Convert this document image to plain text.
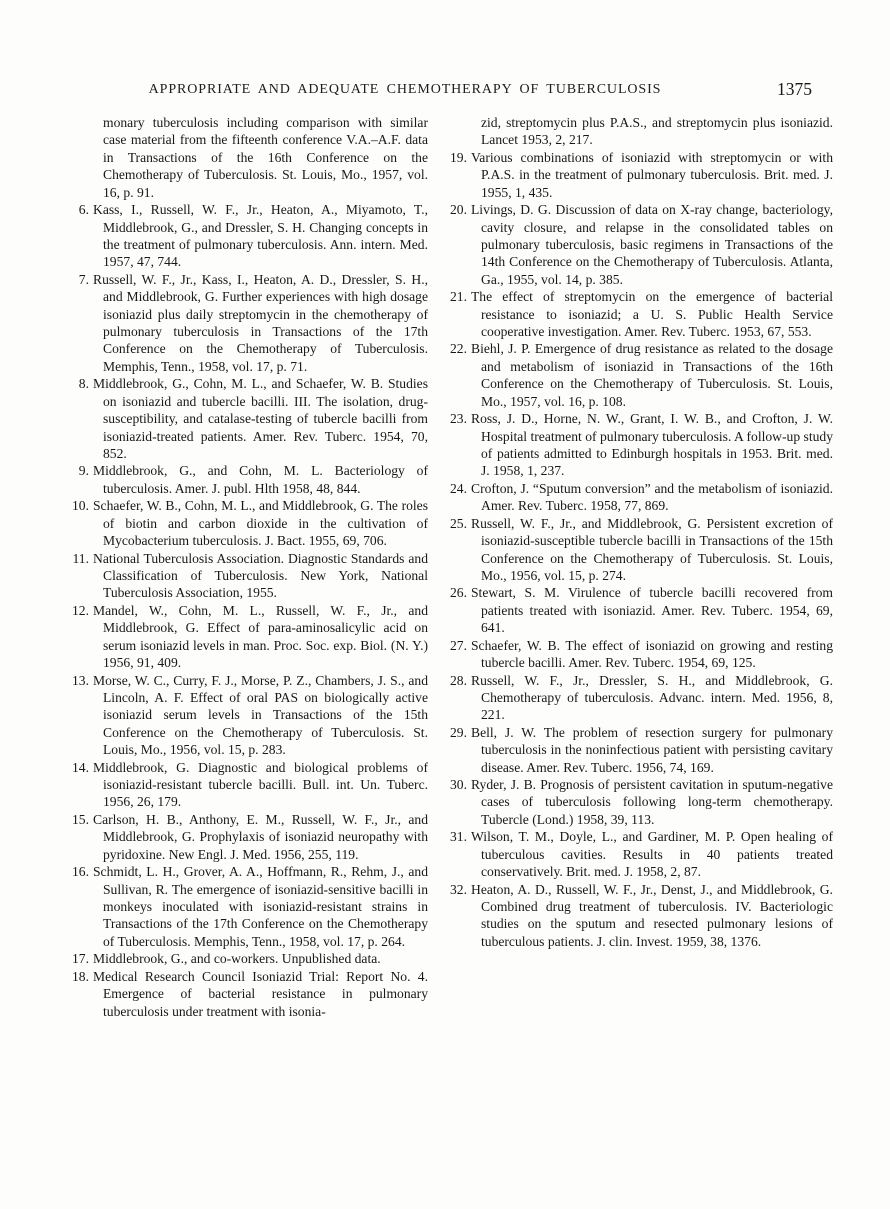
APPROPRIATE AND ADEQUATE CHEMOTHERAPY OF TUBERCULOSIS	1375
monary tuberculosis including comparison with similar case material from the fifteenth conference V.A.–A.F. data in Transactions of the 16th Conference on the Chemotherapy of Tuberculosis. St. Louis, Mo., 1957, vol. 16, p. 91.
6. Kass, I., Russell, W. F., Jr., Heaton, A., Miyamoto, T., Middlebrook, G., and Dressler, S. H. Changing concepts in the treatment of pulmonary tuberculosis. Ann. intern. Med. 1957, 47, 744.
7. Russell, W. F., Jr., Kass, I., Heaton, A. D., Dressler, S. H., and Middlebrook, G. Further experiences with high dosage isoniazid plus daily streptomycin in the chemotherapy of pulmonary tuberculosis in Transactions of the 17th Conference on the Chemotherapy of Tuberculosis. Memphis, Tenn., 1958, vol. 17, p. 71.
8. Middlebrook, G., Cohn, M. L., and Schaefer, W. B. Studies on isoniazid and tubercle bacilli. III. The isolation, drug-susceptibility, and catalase-testing of tubercle bacilli from isoniazid-treated patients. Amer. Rev. Tuberc. 1954, 70, 852.
9. Middlebrook, G., and Cohn, M. L. Bacteriology of tuberculosis. Amer. J. publ. Hlth 1958, 48, 844.
10. Schaefer, W. B., Cohn, M. L., and Middlebrook, G. The roles of biotin and carbon dioxide in the cultivation of Mycobacterium tuberculosis. J. Bact. 1955, 69, 706.
11. National Tuberculosis Association. Diagnostic Standards and Classification of Tuberculosis. New York, National Tuberculosis Association, 1955.
12. Mandel, W., Cohn, M. L., Russell, W. F., Jr., and Middlebrook, G. Effect of para-aminosalicylic acid on serum isoniazid levels in man. Proc. Soc. exp. Biol. (N. Y.) 1956, 91, 409.
13. Morse, W. C., Curry, F. J., Morse, P. Z., Chambers, J. S., and Lincoln, A. F. Effect of oral PAS on biologically active isoniazid serum levels in Transactions of the 15th Conference on the Chemotherapy of Tuberculosis. St. Louis, Mo., 1956, vol. 15, p. 283.
14. Middlebrook, G. Diagnostic and biological problems of isoniazid-resistant tubercle bacilli. Bull. int. Un. Tuberc. 1956, 26, 179.
15. Carlson, H. B., Anthony, E. M., Russell, W. F., Jr., and Middlebrook, G. Prophylaxis of isoniazid neuropathy with pyridoxine. New Engl. J. Med. 1956, 255, 119.
16. Schmidt, L. H., Grover, A. A., Hoffmann, R., Rehm, J., and Sullivan, R. The emergence of isoniazid-sensitive bacilli in monkeys inoculated with isoniazid-resistant strains in Transactions of the 17th Conference on the Chemotherapy of Tuberculosis. Memphis, Tenn., 1958, vol. 17, p. 264.
17. Middlebrook, G., and co-workers. Unpublished data.
18. Medical Research Council Isoniazid Trial: Report No. 4. Emergence of bacterial resistance in pulmonary tuberculosis under treatment with isonia-
zid, streptomycin plus P.A.S., and streptomycin plus isoniazid. Lancet 1953, 2, 217.
19. Various combinations of isoniazid with streptomycin or with P.A.S. in the treatment of pulmonary tuberculosis. Brit. med. J. 1955, 1, 435.
20. Livings, D. G. Discussion of data on X-ray change, bacteriology, cavity closure, and relapse in the consolidated tables on pulmonary tuberculosis, basic regimens in Transactions of the 14th Conference on the Chemotherapy of Tuberculosis. Atlanta, Ga., 1955, vol. 14, p. 385.
21. The effect of streptomycin on the emergence of bacterial resistance to isoniazid; a U. S. Public Health Service cooperative investigation. Amer. Rev. Tuberc. 1953, 67, 553.
22. Biehl, J. P. Emergence of drug resistance as related to the dosage and metabolism of isoniazid in Transactions of the 16th Conference on the Chemotherapy of Tuberculosis. St. Louis, Mo., 1957, vol. 16, p. 108.
23. Ross, J. D., Horne, N. W., Grant, I. W. B., and Crofton, J. W. Hospital treatment of pulmonary tuberculosis. A follow-up study of patients admitted to Edinburgh hospitals in 1953. Brit. med. J. 1958, 1, 237.
24. Crofton, J. “Sputum conversion” and the metabolism of isoniazid. Amer. Rev. Tuberc. 1958, 77, 869.
25. Russell, W. F., Jr., and Middlebrook, G. Persistent excretion of isoniazid-susceptible tubercle bacilli in Transactions of the 15th Conference on the Chemotherapy of Tuberculosis. St. Louis, Mo., 1956, vol. 15, p. 274.
26. Stewart, S. M. Virulence of tubercle bacilli recovered from patients treated with isoniazid. Amer. Rev. Tuberc. 1954, 69, 641.
27. Schaefer, W. B. The effect of isoniazid on growing and resting tubercle bacilli. Amer. Rev. Tuberc. 1954, 69, 125.
28. Russell, W. F., Jr., Dressler, S. H., and Middlebrook, G. Chemotherapy of tuberculosis. Advanc. intern. Med. 1956, 8, 221.
29. Bell, J. W. The problem of resection surgery for pulmonary tuberculosis in the noninfectious patient with persisting cavitary disease. Amer. Rev. Tuberc. 1956, 74, 169.
30. Ryder, J. B. Prognosis of persistent cavitation in sputum-negative cases of tuberculosis following long-term chemotherapy. Tubercle (Lond.) 1958, 39, 113.
31. Wilson, T. M., Doyle, L., and Gardiner, M. P. Open healing of tuberculous cavities. Results in 40 patients treated conservatively. Brit. med. J. 1958, 2, 87.
32. Heaton, A. D., Russell, W. F., Jr., Denst, J., and Middlebrook, G. Combined drug treatment of tuberculosis. IV. Bacteriologic studies on the sputum and resected pulmonary lesions of tuberculous patients. J. clin. Invest. 1959, 38, 1376.
